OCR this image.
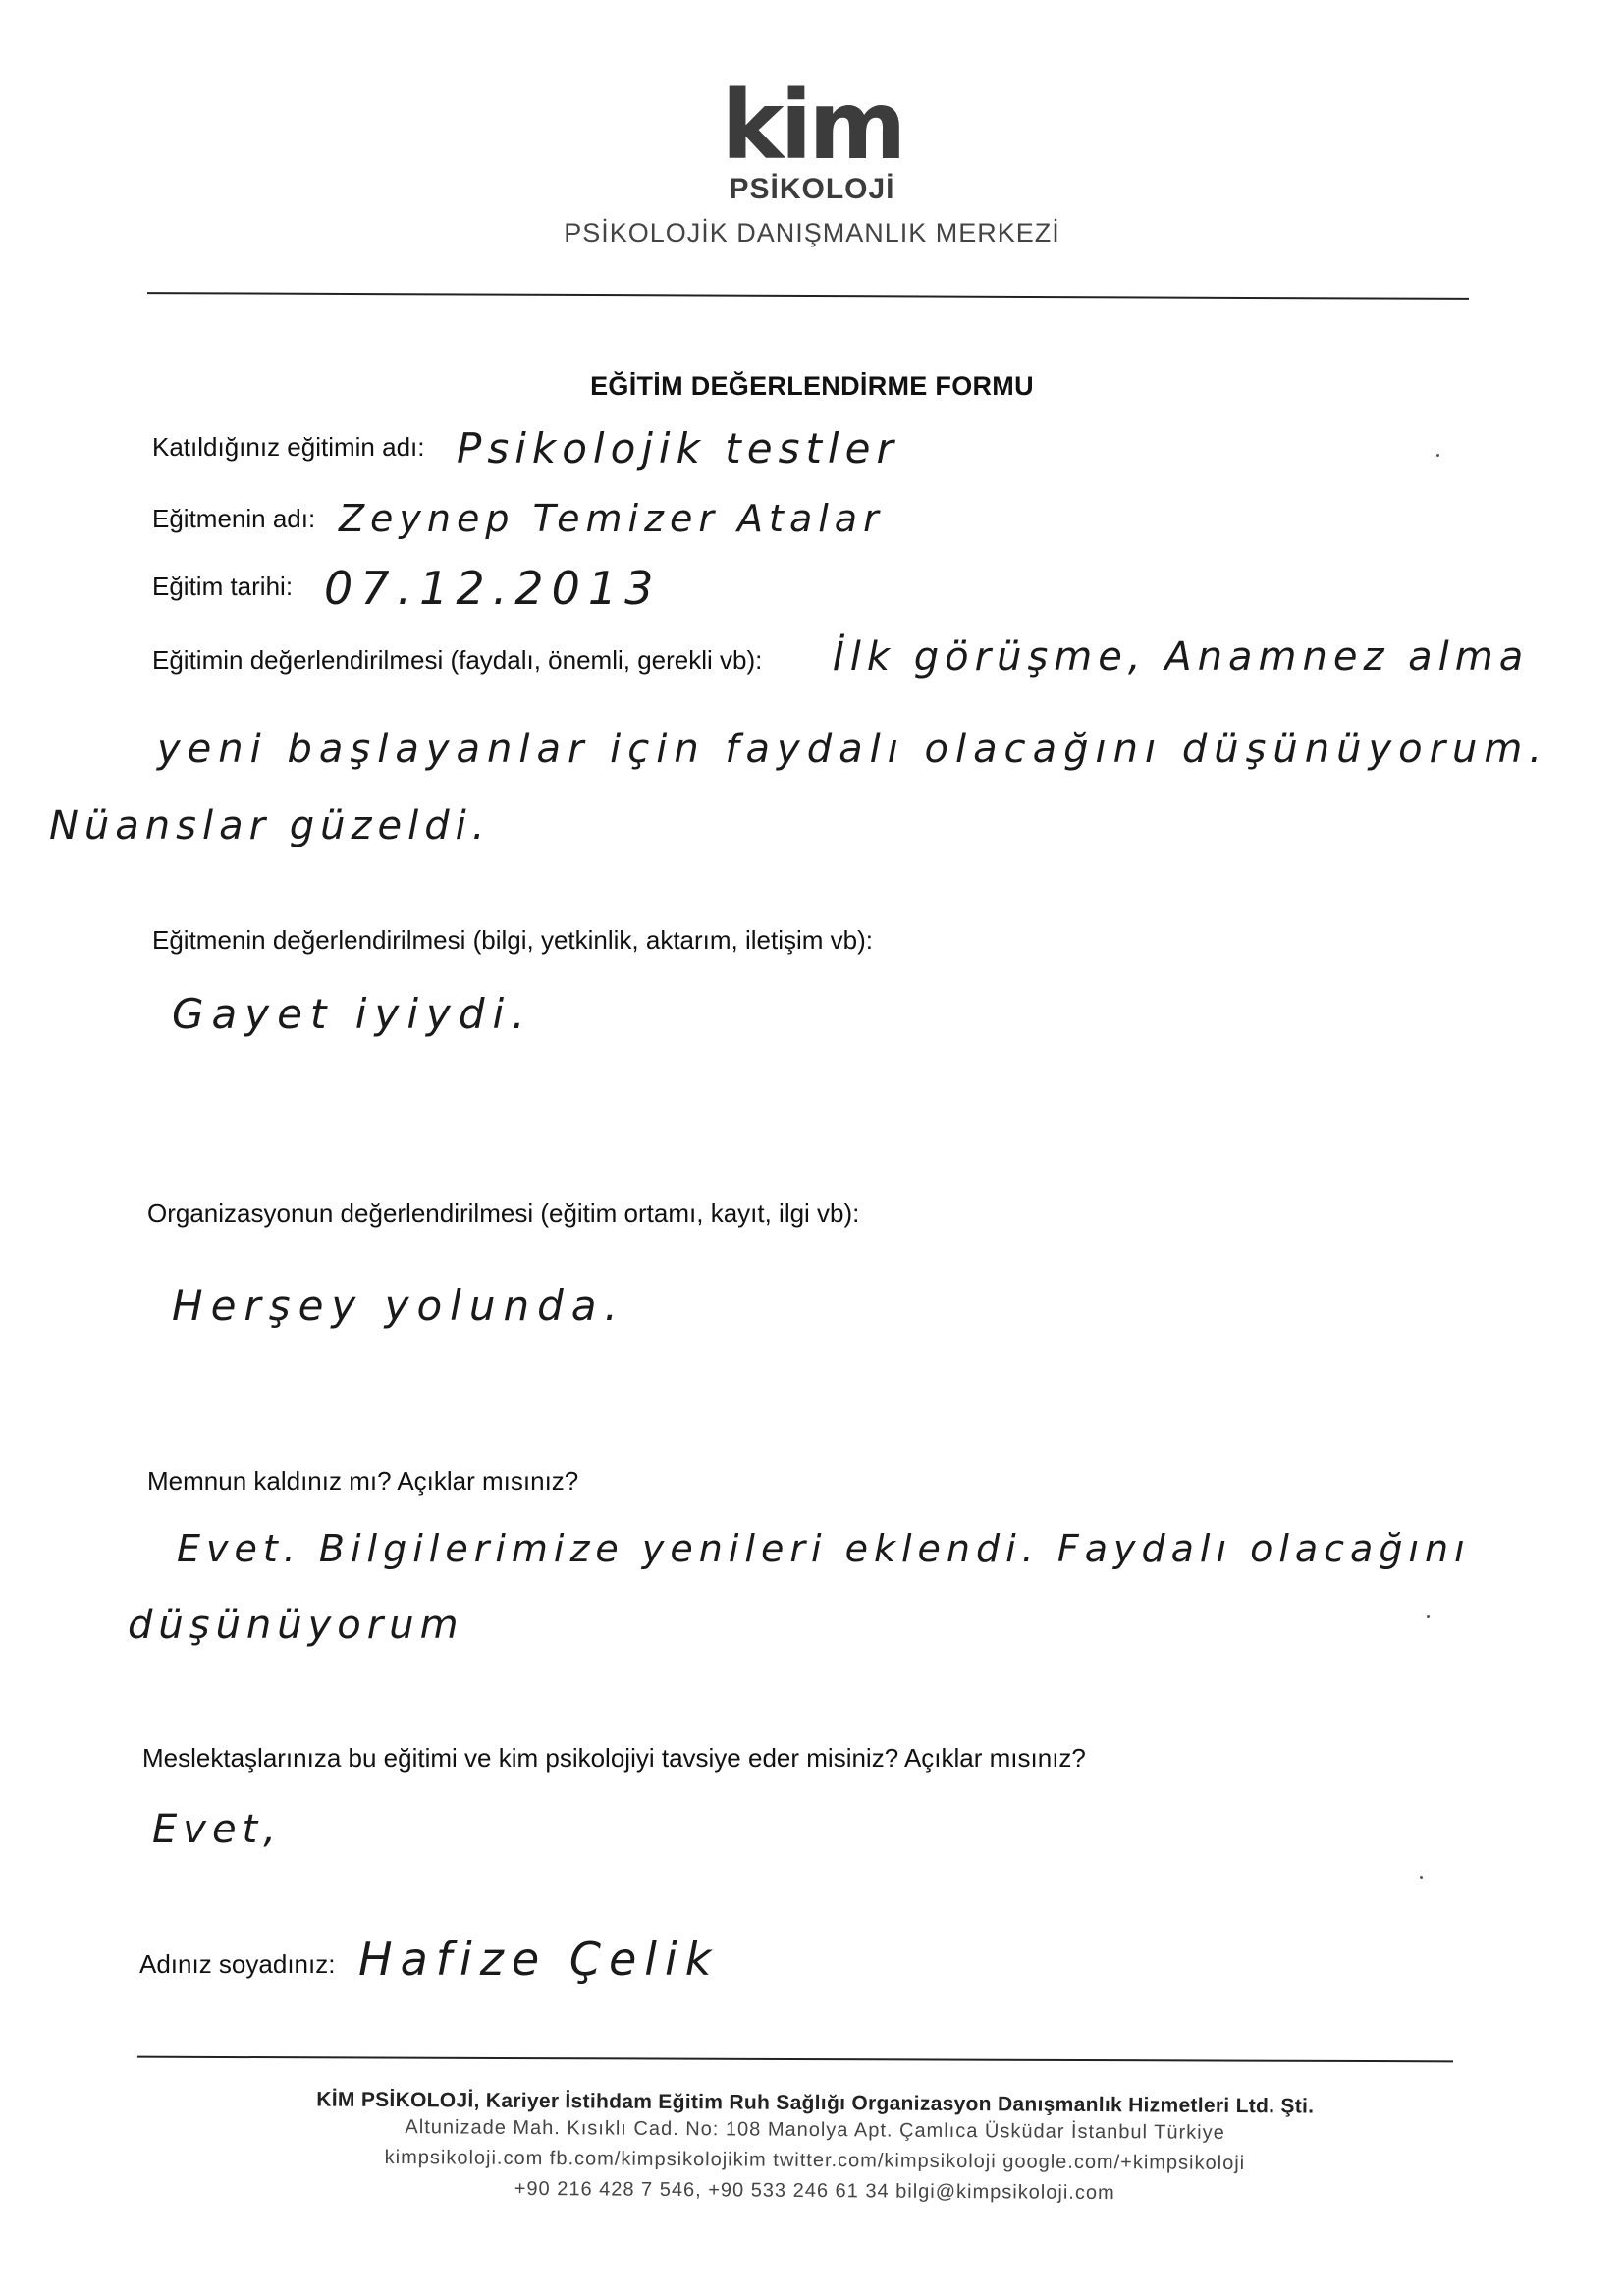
kim
PSİKOLOJİ
PSİKOLOJİK DANIŞMANLIK MERKEZİ
EĞİTİM DEĞERLENDİRME FORMU
Katıldığınız eğitimin adı: Psikolojik testler
Eğitmenin adı: Zeynep Temizer Atalar
Eğitim tarihi: 07.12.2013
Eğitimin değerlendirilmesi (faydalı, önemli, gerekli vb): İlk görüşme, Anamnez alma
yeni başlayanlar için faydalı olacağını düşünüyorum.
Nüanslar güzeldi.
Eğitmenin değerlendirilmesi (bilgi, yetkinlik, aktarım, iletişim vb):
Gayet iyiydi.
Organizasyonun değerlendirilmesi (eğitim ortamı, kayıt, ilgi vb):
Herşey yolunda.
Memnun kaldınız mı? Açıklar mısınız?
Evet. Bilgilerimize yenileri eklendi. Faydalı olacağını
düşünüyorum
Meslektaşlarınıza bu eğitimi ve kim psikolojiyi tavsiye eder misiniz? Açıklar mısınız?
Evet,
Adınız soyadınız: Hafize Çelik
KİM PSİKOLOJİ, Kariyer İstihdam Eğitim Ruh Sağlığı Organizasyon Danışmanlık Hizmetleri Ltd. Şti.
Altunizade Mah. Kısıklı Cad. No: 108 Manolya Apt. Çamlıca Üsküdar İstanbul Türkiye
kimpsikoloji.com fb.com/kimpsikolojikim twitter.com/kimpsikoloji google.com/+kimpsikoloji
+90 216 428 7 546, +90 533 246 61 34 bilgi@kimpsikoloji.com
